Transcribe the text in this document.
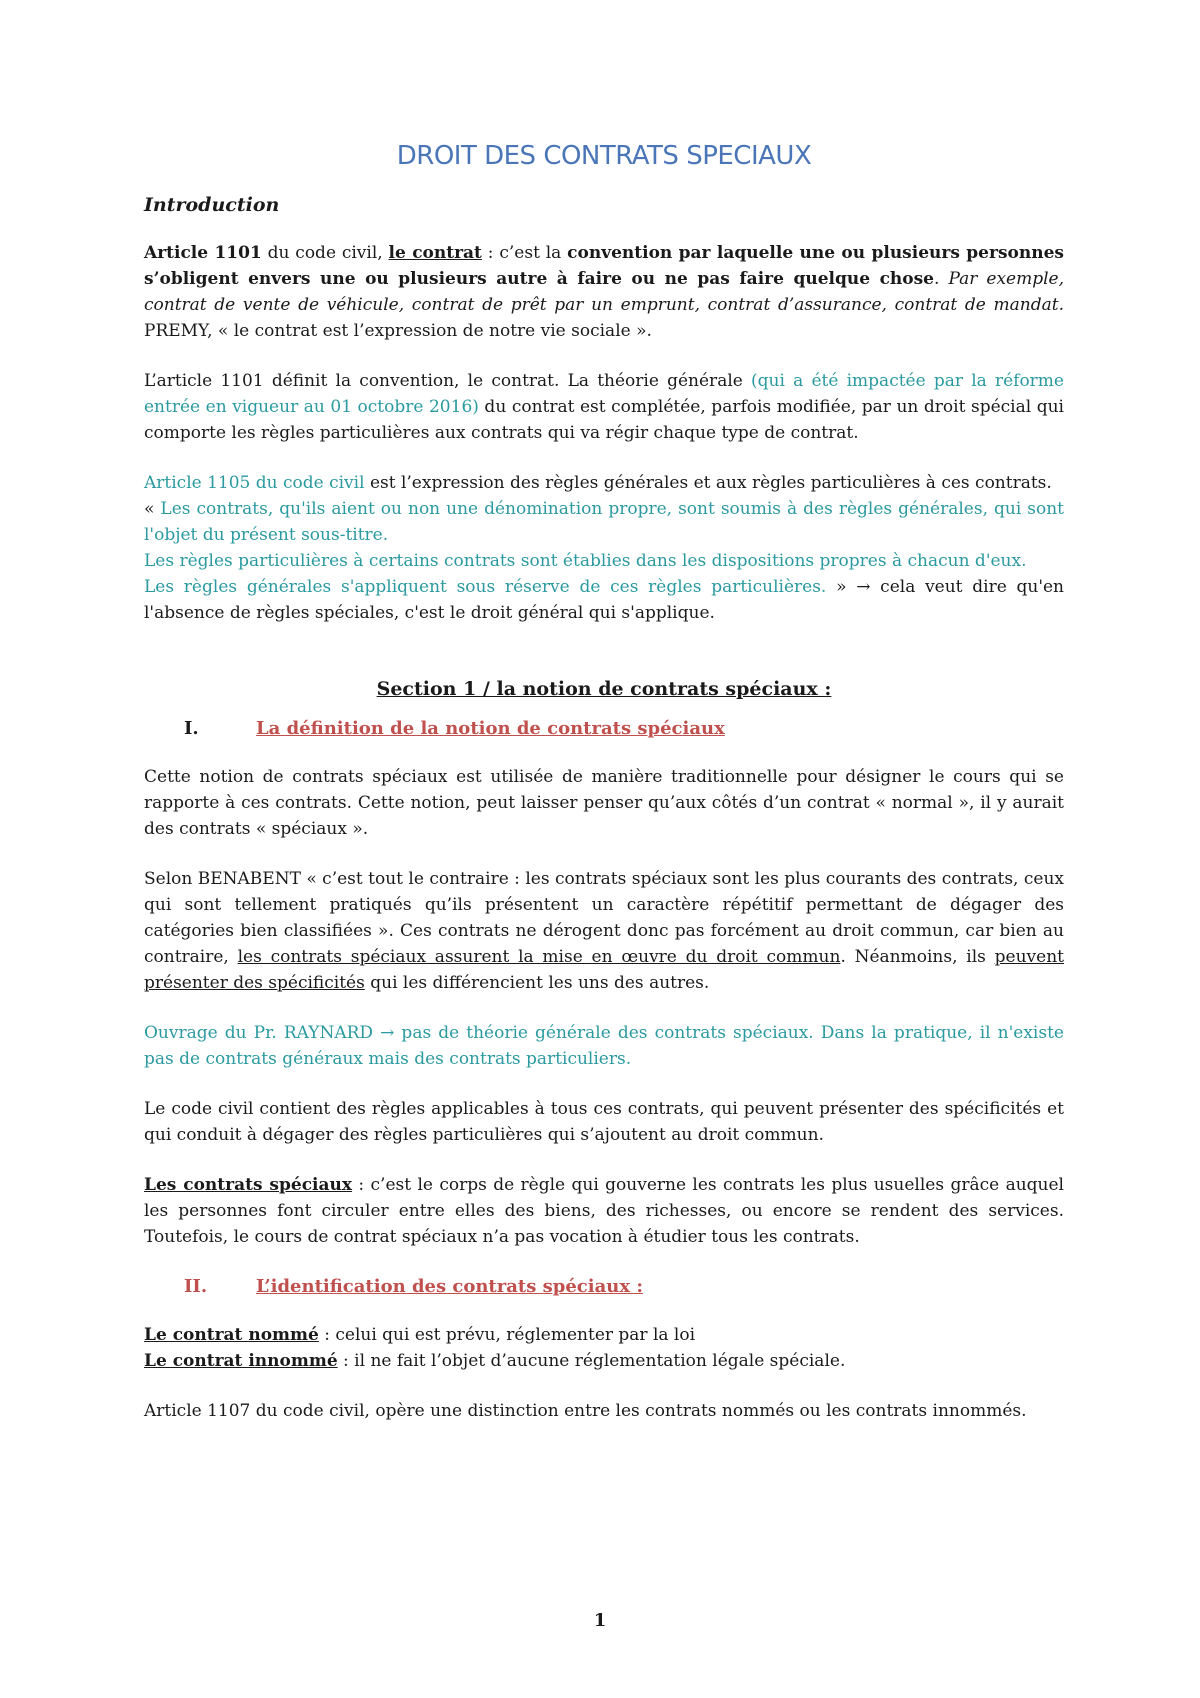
DROIT DES CONTRATS SPECIAUX
Introduction

Article 1101 du code civil, le contrat : c’est la convention par laquelle une ou plusieurs personnes s’obligent envers une ou plusieurs autre à faire ou ne pas faire quelque chose. Par exemple, contrat de vente de véhicule, contrat de prêt par un emprunt, contrat d’assurance, contrat de mandat. PREMY, « le contrat est l’expression de notre vie sociale ».

L’article 1101 définit la convention, le contrat. La théorie générale (qui a été impactée par la réforme entrée en vigueur au 01 octobre 2016) du contrat est complétée, parfois modifiée, par un droit spécial qui comporte les règles particulières aux contrats qui va régir chaque type de contrat.

Article 1105 du code civil est l’expression des règles générales et aux règles particulières à ces contrats.

« Les contrats, qu'ils aient ou non une dénomination propre, sont soumis à des règles générales, qui sont l'objet du présent sous-titre.

Les règles particulières à certains contrats sont établies dans les dispositions propres à chacun d'eux.

Les règles générales s'appliquent sous réserve de ces règles particulières. » → cela veut dire qu'en l'absence de règles spéciales, c'est le droit général qui s'applique.

Section 1 / la notion de contrats spéciaux :
I.	La définition de la notion de contrats spéciaux

Cette notion de contrats spéciaux est utilisée de manière traditionnelle pour désigner le cours qui se rapporte à ces contrats. Cette notion, peut laisser penser qu’aux côtés d’un contrat « normal », il y aurait des contrats « spéciaux ».

Selon BENABENT « c’est tout le contraire : les contrats spéciaux sont les plus courants des contrats, ceux qui sont tellement pratiqués qu’ils présentent un caractère répétitif permettant de dégager des catégories bien classifiées ». Ces contrats ne dérogent donc pas forcément au droit commun, car bien au contraire, les contrats spéciaux assurent la mise en œuvre du droit commun. Néanmoins, ils peuvent présenter des spécificités qui les différencient les uns des autres.

Ouvrage du Pr. RAYNARD → pas de théorie générale des contrats spéciaux. Dans la pratique, il n'existe pas de contrats généraux mais des contrats particuliers.

Le code civil contient des règles applicables à tous ces contrats, qui peuvent présenter des spécificités et qui conduit à dégager des règles particulières qui s’ajoutent au droit commun.

Les contrats spéciaux : c’est le corps de règle qui gouverne les contrats les plus usuelles grâce auquel les personnes font circuler entre elles des biens, des richesses, ou encore se rendent des services. Toutefois, le cours de contrat spéciaux n’a pas vocation à étudier tous les contrats.

II.	L’identification des contrats spéciaux :

Le contrat nommé : celui qui est prévu, réglementer par la loi

Le contrat innommé : il ne fait l’objet d’aucune réglementation légale spéciale.

Article 1107 du code civil, opère une distinction entre les contrats nommés ou les contrats innommés.

1
